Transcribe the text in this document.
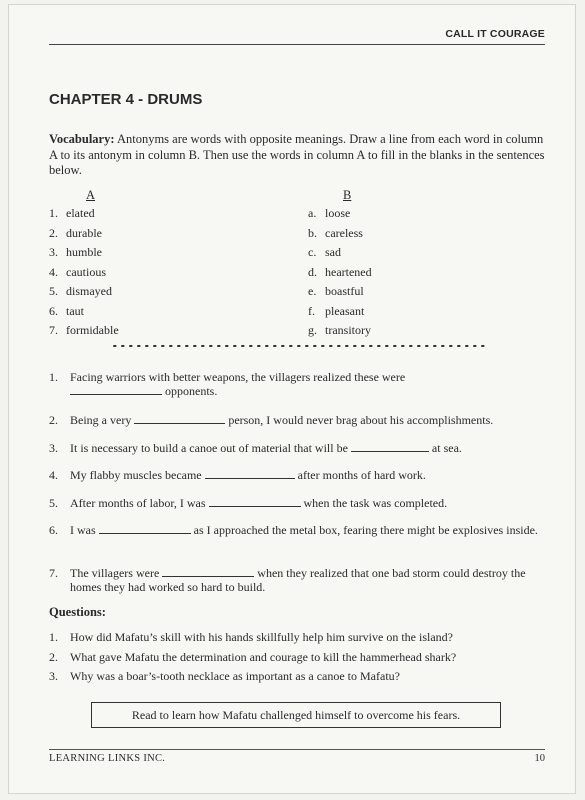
CALL IT COURAGE
CHAPTER 4 - DRUMS
Vocabulary: Antonyms are words with opposite meanings. Draw a line from each word in column A to its antonym in column B. Then use the words in column A to fill in the blanks in the sentences below.
A	B
1. elated
2. durable
3. humble
4. cautious
5. dismayed
6. taut
7. formidable
a. loose
b. careless
c. sad
d. heartened
e. boastful
f. pleasant
g. transitory
1. Facing warriors with better weapons, the villagers realized these were
opponents.
2. Being a very	person, I would never brag about his accomplishments.
3. It is necessary to build a canoe out of material that will be	at sea.
4. My flabby muscles became	after months of hard work.
5. After months of labor, I was	when the task was completed.
6. I was	as I approached the metal box, fearing there might be explosives inside.
7. The villagers were	when they realized that one bad storm could destroy the homes they had worked so hard to build.
Questions:
1. How did Mafatu’s skill with his hands skillfully help him survive on the island?
2. What gave Mafatu the determination and courage to kill the hammerhead shark?
3. Why was a boar’s-tooth necklace as important as a canoe to Mafatu?
Read to learn how Mafatu challenged himself to overcome his fears.
LEARNING LINKS INC.	10
